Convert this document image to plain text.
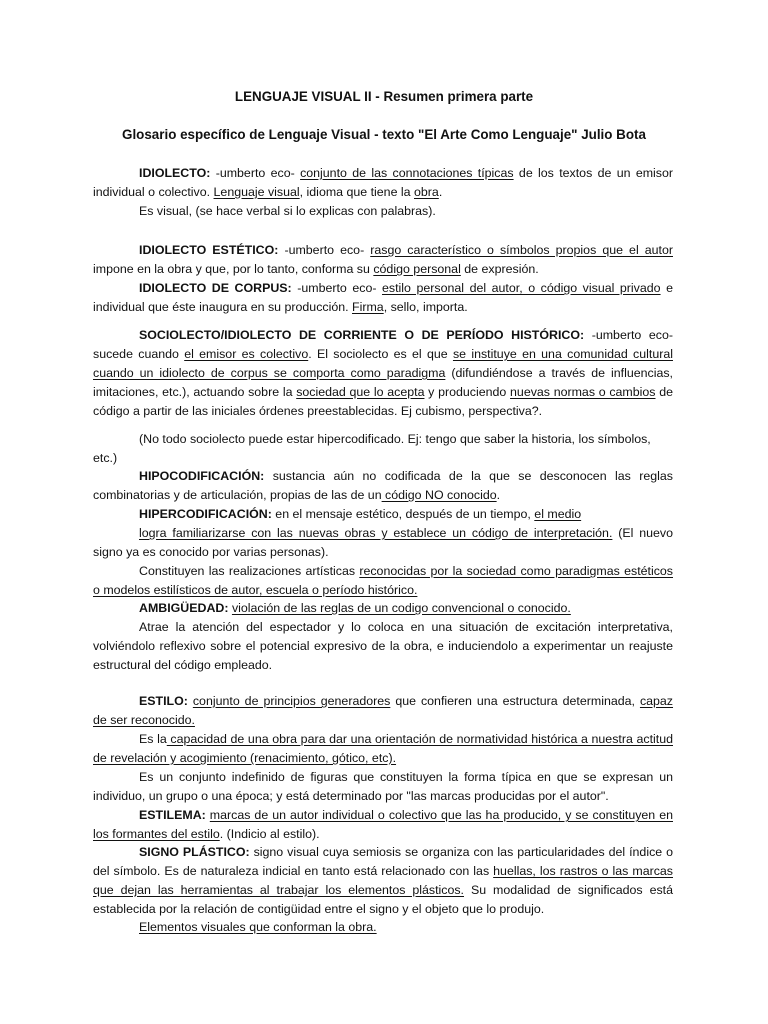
LENGUAJE VISUAL II - Resumen primera parte
Glosario específico de Lenguaje Visual - texto "El Arte Como Lenguaje" Julio Bota

IDIOLECTO: -umberto eco- conjunto de las connotaciones típicas de los textos de un emisor individual o colectivo. Lenguaje visual, idioma que tiene la obra.

Es visual, (se hace verbal si lo explicas con palabras).

IDIOLECTO ESTÉTICO: -umberto eco- rasgo característico o símbolos propios que el autor impone en la obra y que, por lo tanto, conforma su código personal de expresión.

IDIOLECTO DE CORPUS: -umberto eco- estilo personal del autor, o código visual privado e individual que éste inaugura en su producción. Firma, sello, importa.

SOCIOLECTO/IDIOLECTO DE CORRIENTE O DE PERÍODO HISTÓRICO: -umberto eco- sucede cuando el emisor es colectivo. El sociolecto es el que se instituye en una comunidad cultural cuando un idiolecto de corpus se comporta como paradigma (difundiéndose a través de influencias, imitaciones, etc.), actuando sobre la sociedad que lo acepta y produciendo nuevas normas o cambios de código a partir de las iniciales órdenes preestablecidas. Ej cubismo, perspectiva?.

(No todo sociolecto puede estar hipercodificado. Ej: tengo que saber la historia, los símbolos, etc.)

HIPOCODIFICACIÓN: sustancia aún no codificada de la que se desconocen las reglas combinatorias y de articulación, propias de las de un código NO conocido.

HIPERCODIFICACIÓN: en el mensaje estético, después de un tiempo, el medio

logra familiarizarse con las nuevas obras y establece un código de interpretación. (El nuevo signo ya es conocido por varias personas).

Constituyen las realizaciones artísticas reconocidas por la sociedad como paradigmas estéticos o modelos estilísticos de autor, escuela o período histórico.

AMBIGÜEDAD: violación de las reglas de un codigo convencional o conocido.

Atrae la atención del espectador y lo coloca en una situación de excitación interpretativa, volviéndolo reflexivo sobre el potencial expresivo de la obra, e induciendolo a experimentar un reajuste estructural del código empleado.

ESTILO: conjunto de principios generadores que confieren una estructura determinada, capaz de ser reconocido.

Es la capacidad de una obra para dar una orientación de normatividad histórica a nuestra actitud de revelación y acogimiento (renacimiento, gótico, etc).

Es un conjunto indefinido de figuras que constituyen la forma típica en que se expresan un individuo, un grupo o una época; y está determinado por "las marcas producidas por el autor".

ESTILEMA: marcas de un autor individual o colectivo que las ha producido, y se constituyen en los formantes del estilo. (Indicio al estilo).

SIGNO PLÁSTICO: signo visual cuya semiosis se organiza con las particularidades del índice o del símbolo. Es de naturaleza indicial en tanto está relacionado con las huellas, los rastros o las marcas que dejan las herramientas al trabajar los elementos plásticos. Su modalidad de significados está establecida por la relación de contigüidad entre el signo y el objeto que lo produjo.

Elementos visuales que conforman la obra.
